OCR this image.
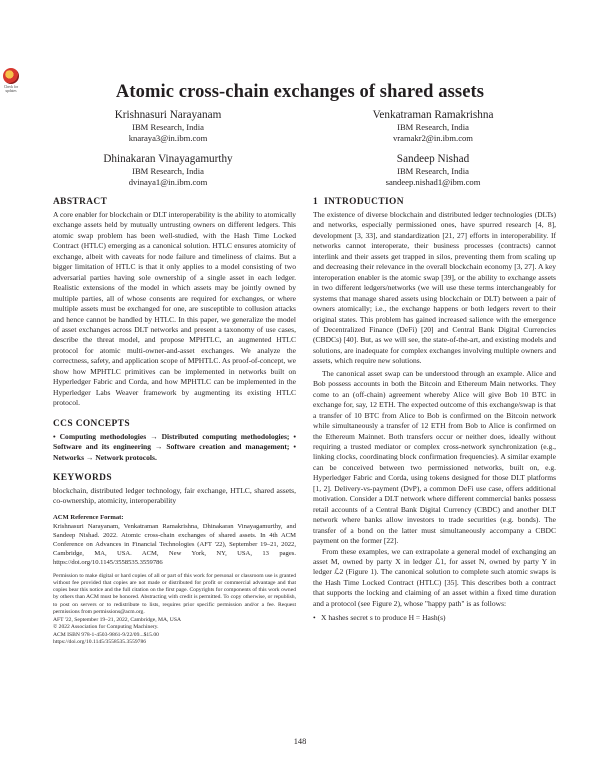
Check for updates	Atomic cross-chain exchanges of shared assets
Krishnasuri Narayanam
IBM Research, India
knaraya3@in.ibm.com
Venkatraman Ramakrishna
IBM Research, India
vramakr2@in.ibm.com
Dhinakaran Vinayagamurthy
IBM Research, India
dvinaya1@in.ibm.com
Sandeep Nishad
IBM Research, India
sandeep.nishad1@ibm.com
ABSTRACT

A core enabler for blockchain or DLT interoperability is the ability to atomically exchange assets held by mutually untrusting owners on different ledgers. This atomic swap problem has been well-studied, with the Hash Time Locked Contract (HTLC) emerging as a canonical solution. HTLC ensures atomicity of exchange, albeit with caveats for node failure and timeliness of claims. But a bigger limitation of HTLC is that it only applies to a model consisting of two adversarial parties having sole ownership of a single asset in each ledger. Realistic extensions of the model in which assets may be jointly owned by multiple parties, all of whose consents are required for exchanges, or where multiple assets must be exchanged for one, are susceptible to collusion attacks and hence cannot be handled by HTLC. In this paper, we generalize the model of asset exchanges across DLT networks and present a taxonomy of use cases, describe the threat model, and propose MPHTLC, an augmented HTLC protocol for atomic multi-owner-and-asset exchanges. We analyze the correctness, safety, and application scope of MPHTLC. As proof-of-concept, we show how MPHTLC primitives can be implemented in networks built on Hyperledger Fabric and Corda, and how MPHTLC can be implemented in the Hyperledger Labs Weaver framework by augmenting its existing HTLC protocol.

CCS CONCEPTS

• Computing methodologies → Distributed computing methodologies; • Software and its engineering → Software creation and management; • Networks → Network protocols.

KEYWORDS

blockchain, distributed ledger technology, fair exchange, HTLC, shared assets, co-ownership, atomicity, interoperability

ACM Reference Format:

Krishnasuri Narayanam, Venkatraman Ramakrishna, Dhinakaran Vinayagamurthy, and Sandeep Nishad. 2022. Atomic cross-chain exchanges of shared assets. In 4th ACM Conference on Advances in Financial Technologies (AFT '22), September 19–21, 2022, Cambridge, MA, USA. ACM, New York, NY, USA, 13 pages. https://doi.org/10.1145/3558535.3559786

Permission to make digital or hard copies of all or part of this work for personal or classroom use is granted without fee provided that copies are not made or distributed for profit or commercial advantage and that copies bear this notice and the full citation on the first page. Copyrights for components of this work owned by others than ACM must be honored. Abstracting with credit is permitted. To copy otherwise, or republish, to post on servers or to redistribute to lists, requires prior specific permission and/or a fee. Request permissions from permissions@acm.org.

AFT '22, September 19–21, 2022, Cambridge, MA, USA
© 2022 Association for Computing Machinery.
ACM ISBN 978-1-4503-9861-9/22/09...$15.00
https://doi.org/10.1145/3558535.3559786
1 INTRODUCTION

The existence of diverse blockchain and distributed ledger technologies (DLTs) and networks, especially permissioned ones, have spurred research [4, 8], development [3, 33], and standardization [21, 27] efforts in interoperability. If networks cannot interoperate, their business processes (contracts) cannot interlink and their assets get trapped in silos, preventing them from scaling up and decreasing their relevance in the overall blockchain economy [3, 27]. A key interoperation enabler is the atomic swap [39], or the ability to exchange assets in two different ledgers/networks (we will use these terms interchangeably for systems that manage shared assets using blockchain or DLT) between a pair of owners atomically; i.e., the exchange happens or both ledgers revert to their original states. This problem has gained increased salience with the emergence of Decentralized Finance (DeFi) [20] and Central Bank Digital Currencies (CBDCs) [40]. But, as we will see, the state-of-the-art, and existing models and solutions, are inadequate for complex exchanges involving multiple owners and assets, which require new solutions.

The canonical asset swap can be understood through an example. Alice and Bob possess accounts in both the Bitcoin and Ethereum Main networks. They come to an (off-chain) agreement whereby Alice will give Bob 10 BTC in exchange for, say, 12 ETH. The expected outcome of this exchange/swap is that a transfer of 10 BTC from Alice to Bob is confirmed on the Bitcoin network while simultaneously a transfer of 12 ETH from Bob to Alice is confirmed on the Ethereum Mainnet. Both transfers occur or neither does, ideally without requiring a trusted mediator or complex cross-network synchronization (e.g., linking clocks, coordinating block confirmation frequencies). A similar example can be conceived between two permissioned networks, built on, e.g. Hyperledger Fabric and Corda, using tokens designed for those DLT platforms [1, 2]. Delivery-vs-payment (DvP), a common DeFi use case, offers additional motivation. Consider a DLT network where different commercial banks possess retail accounts of a Central Bank Digital Currency (CBDC) and another DLT network where banks allow investors to trade securities (e.g. bonds). The transfer of a bond on the latter must simultaneously accompany a CBDC payment on the former [22].

From these examples, we can extrapolate a general model of exchanging an asset M, owned by party X in ledger ℒ1, for asset N, owned by party Y in ledger ℒ2 (Figure 1). The canonical solution to complete such atomic swaps is the Hash Time Locked Contract (HTLC) [35]. This describes both a contract that supports the locking and claiming of an asset within a fixed time duration and a protocol (see Figure 2), whose "happy path" is as follows:

• X hashes secret s to produce H = Hash(s)
148
